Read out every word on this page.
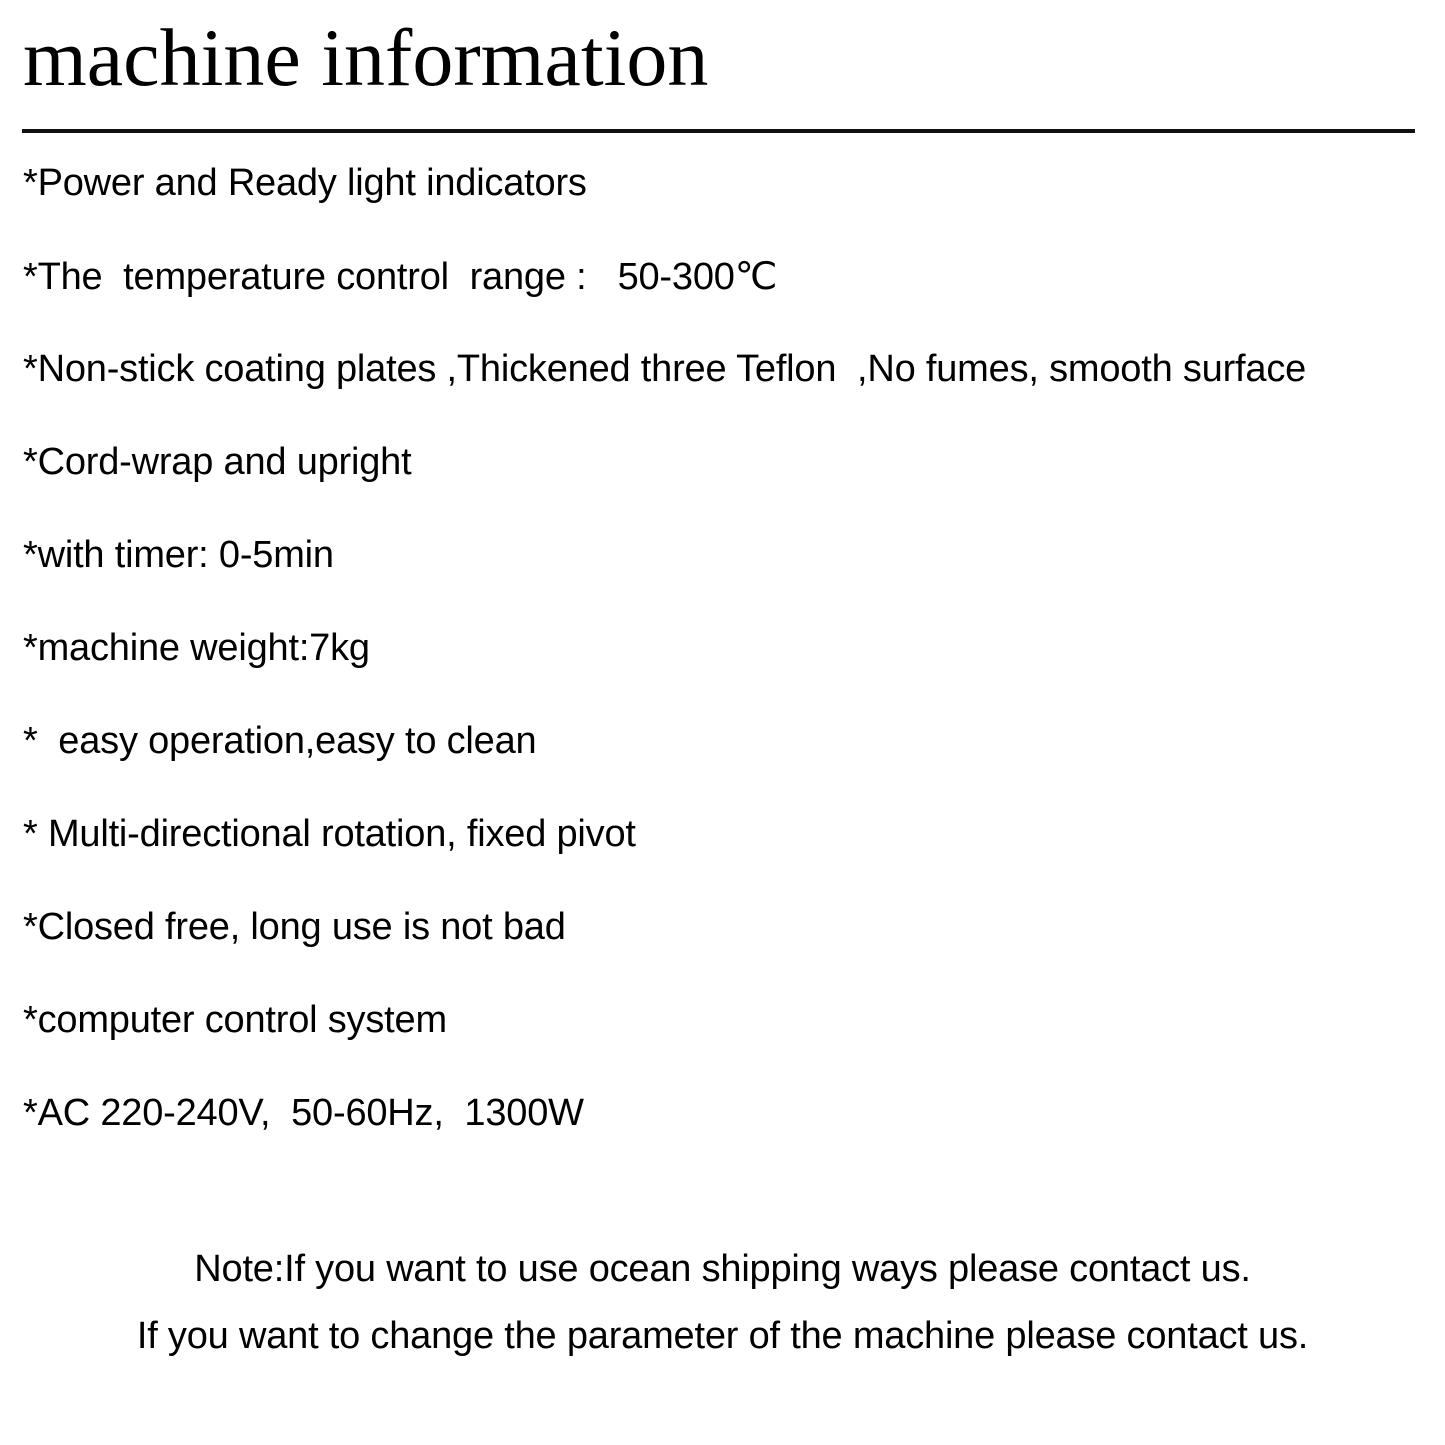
machine information
*Power and Ready light indicators
*The  temperature control  range :   50-300℃
*Non-stick coating plates ,Thickened three Teflon  ,No fumes, smooth surface
*Cord-wrap and upright
*with timer: 0-5min
*machine weight:7kg
*  easy operation,easy to clean
* Multi-directional rotation, fixed pivot
*Closed free, long use is not bad
*computer control system
*AC 220-240V,  50-60Hz,  1300W
Note:If you want to use ocean shipping ways please contact us.
If you want to change the parameter of the machine please contact us.
